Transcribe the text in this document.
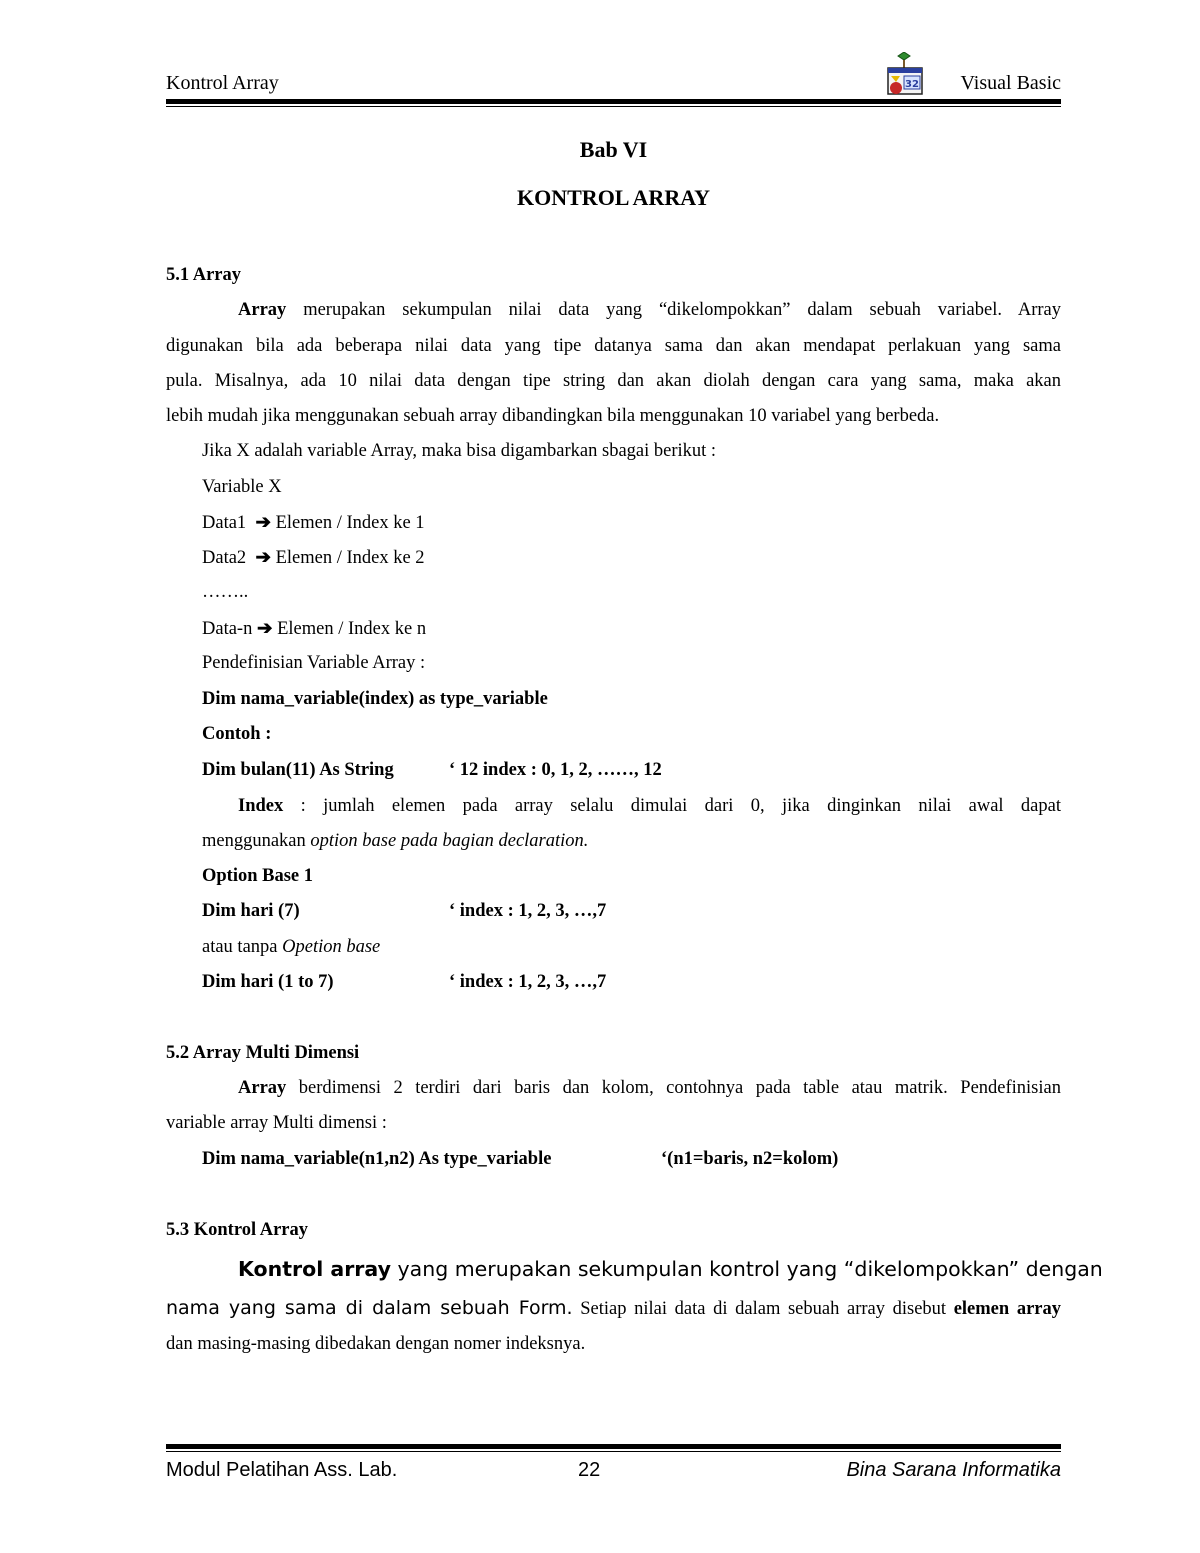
Kontrol Array	32 Visual Basic
Bab VI
KONTROL ARRAY
5.1 Array
Array merupakan sekumpulan nilai data yang “dikelompokkan” dalam sebuah variabel. Array
digunakan bila ada beberapa nilai data yang tipe datanya sama dan akan mendapat perlakuan yang sama
pula. Misalnya, ada 10 nilai data dengan tipe string dan akan diolah dengan cara yang sama, maka akan
lebih mudah jika menggunakan sebuah array dibandingkan bila menggunakan 10 variabel yang berbeda.
Jika X adalah variable Array, maka bisa digambarkan sbagai berikut :
Variable X
Data1 ➔ Elemen / Index ke 1
Data2 ➔ Elemen / Index ke 2
……..
Data-n ➔ Elemen / Index ke n
Pendefinisian Variable Array :
Dim nama_variable(index) as type_variable
Contoh :
Dim bulan(11) As String	‘ 12 index : 0, 1, 2, ……, 12
Index : jumlah elemen pada array selalu dimulai dari 0, jika dinginkan nilai awal dapat
menggunakan option base pada bagian declaration.
Option Base 1
Dim hari (7)	‘ index : 1, 2, 3, …,7
atau tanpa Opetion base
Dim hari (1 to 7)	‘ index : 1, 2, 3, …,7
5.2 Array Multi Dimensi
Array berdimensi 2 terdiri dari baris dan kolom, contohnya pada table atau matrik. Pendefinisian
variable array Multi dimensi :
Dim nama_variable(n1,n2) As type_variable	‘(n1=baris, n2=kolom)
5.3 Kontrol Array
Kontrol array yang merupakan sekumpulan kontrol yang “dikelompokkan” dengan
nama yang sama di dalam sebuah Form. Setiap nilai data di dalam sebuah array disebut elemen array
dan masing-masing dibedakan dengan nomer indeksnya.
Modul Pelatihan Ass. Lab.	22	Bina Sarana Informatika
